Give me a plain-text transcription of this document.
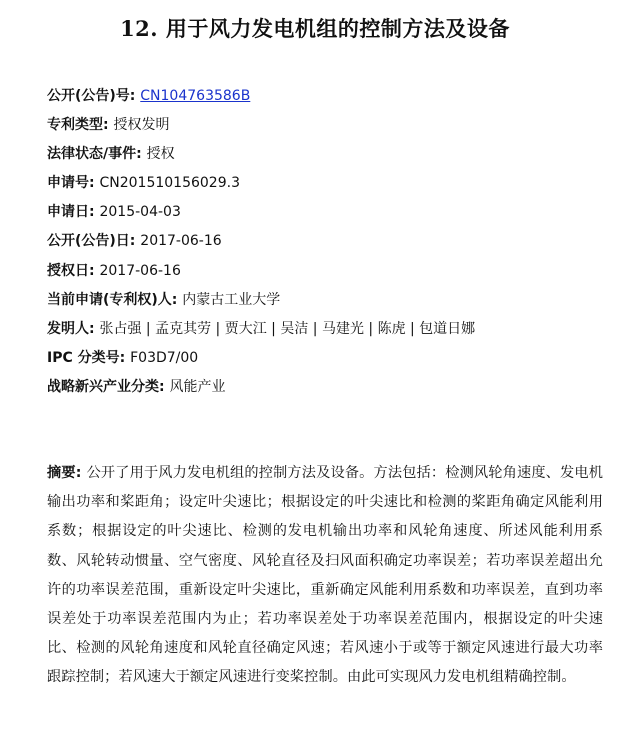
12. 用于风力发电机组的控制方法及设备
公开(公告)号: CN104763586B
专利类型: 授权发明
法律状态/事件: 授权
申请号: CN201510156029.3
申请日: 2015-04-03
公开(公告)日: 2017-06-16
授权日: 2017-06-16
当前申请(专利权)人: 内蒙古工业大学
发明人: 张占强 | 孟克其劳 | 贾大江 | 吴洁 | 马建光 | 陈虎 | 包道日娜
IPC 分类号: F03D7/00
战略新兴产业分类: 风能产业
摘要: 公开了用于风力发电机组的控制方法及设备。方法包括：检测风轮角速度、发电机输出功率和桨距角；设定叶尖速比；根据设定的叶尖速比和检测的桨距角确定风能利用系数；根据设定的叶尖速比、检测的发电机输出功率和风轮角速度、所述风能利用系数、风轮转动惯量、空气密度、风轮直径及扫风面积确定功率误差；若功率误差超出允许的功率误差范围，重新设定叶尖速比，重新确定风能利用系数和功率误差，直到功率误差处于功率误差范围内为止；若功率误差处于功率误差范围内，根据设定的叶尖速比、检测的风轮角速度和风轮直径确定风速；若风速小于或等于额定风速进行最大功率跟踪控制；若风速大于额定风速进行变桨控制。由此可实现风力发电机组精确控制。
